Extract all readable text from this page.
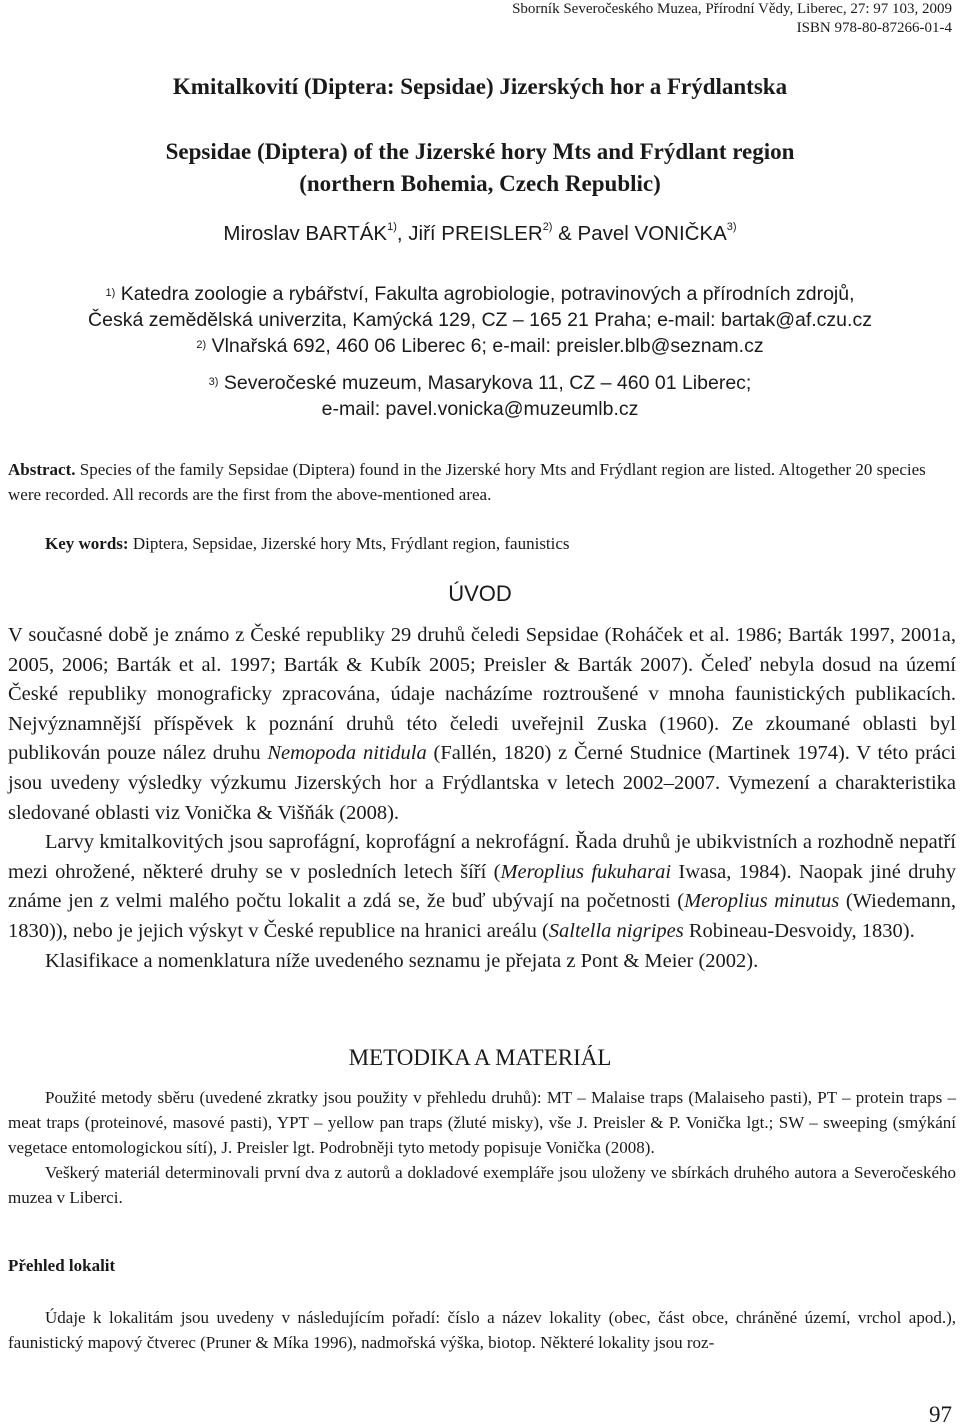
Sborník Severočeského Muzea, Přírodní Vědy, Liberec, 27: 97 103, 2009
ISBN 978-80-87266-01-4
Kmitalkovití (Diptera: Sepsidae) Jizerských hor a Frýdlantska
Sepsidae (Diptera) of the Jizerské hory Mts and Frýdlant region
(northern Bohemia, Czech Republic)
Miroslav BARTÁK$^{1)}$, Jiří PREISLER$^{2)}$ & Pavel VONIČKA$^{3)}$
$^{1)}$ Katedra zoologie a rybářství, Fakulta agrobiologie, potravinových a přírodních zdrojů,
Česká zemědělská univerzita, Kamýcká 129, CZ – 165 21 Praha; e-mail: bartak@af.czu.cz
$^{2)}$ Vlnařská 692, 460 06 Liberec 6; e-mail: preisler.blb@seznam.cz
$^{3)}$ Severočeské muzeum, Masarykova 11, CZ – 460 01 Liberec;
e-mail: pavel.vonicka@muzeumlb.cz
Abstract. Species of the family Sepsidae (Diptera) found in the Jizerské hory Mts and Frýdlant region are listed. Altogether 20 species were recorded. All records are the first from the above-mentioned area.
Key words: Diptera, Sepsidae, Jizerské hory Mts, Frýdlant region, faunistics
ÚVOD

V současné době je známo z České republiky 29 druhů čeledi Sepsidae (Roháček et al. 1986; Barták 1997, 2001a, 2005, 2006; Barták et al. 1997; Barták & Kubík 2005; Preisler & Barták 2007). Čeleď nebyla dosud na území České republiky monograficky zpracována, údaje nacházíme roztroušené v mnoha faunistických publikacích. Nejvýznamnější příspěvek k poznání druhů této čeledi uveřejnil Zuska (1960). Ze zkoumané oblasti byl publikován pouze nález druhu Nemopoda nitidula (Fallén, 1820) z Černé Studnice (Martinek 1974). V této práci jsou uvedeny výsledky výzkumu Jizerských hor a Frýdlantska v letech 2002–2007. Vymezení a charakteristika sledované oblasti viz Vonička & Višňák (2008).

Larvy kmitalkovitých jsou saprofágní, koprofágní a nekrofágní. Řada druhů je ubikvistních a rozhodně nepatří mezi ohrožené, některé druhy se v posledních letech šíří (Meroplius fukuharai Iwasa, 1984). Naopak jiné druhy známe jen z velmi malého počtu lokalit a zdá se, že buď ubývají na početnosti (Meroplius minutus (Wiedemann, 1830)), nebo je jejich výskyt v České republice na hranici areálu (Saltella nigripes Robineau-Desvoidy, 1830).

Klasifikace a nomenklatura níže uvedeného seznamu je přejata z Pont & Meier (2002).

METODIKA A MATERIÁL

Použité metody sběru (uvedené zkratky jsou použity v přehledu druhů): MT – Malaise traps (Malaiseho pasti), PT – protein traps – meat traps (proteinové, masové pasti), YPT – yellow pan traps (žluté misky), vše J. Preisler & P. Vonička lgt.; SW – sweeping (smýkání vegetace entomologickou sítí), J. Preisler lgt. Podrobněji tyto metody popisuje Vonička (2008).

Veškerý materiál determinovali první dva z autorů a dokladové exempláře jsou uloženy ve sbírkách druhého autora a Severočeského muzea v Liberci.

Přehled lokalit

Údaje k lokalitám jsou uvedeny v následujícím pořadí: číslo a název lokality (obec, část obce, chráněné území, vrchol apod.), faunistický mapový čtverec (Pruner & Míka 1996), nadmořská výška, biotop. Některé lokality jsou roz-

97
